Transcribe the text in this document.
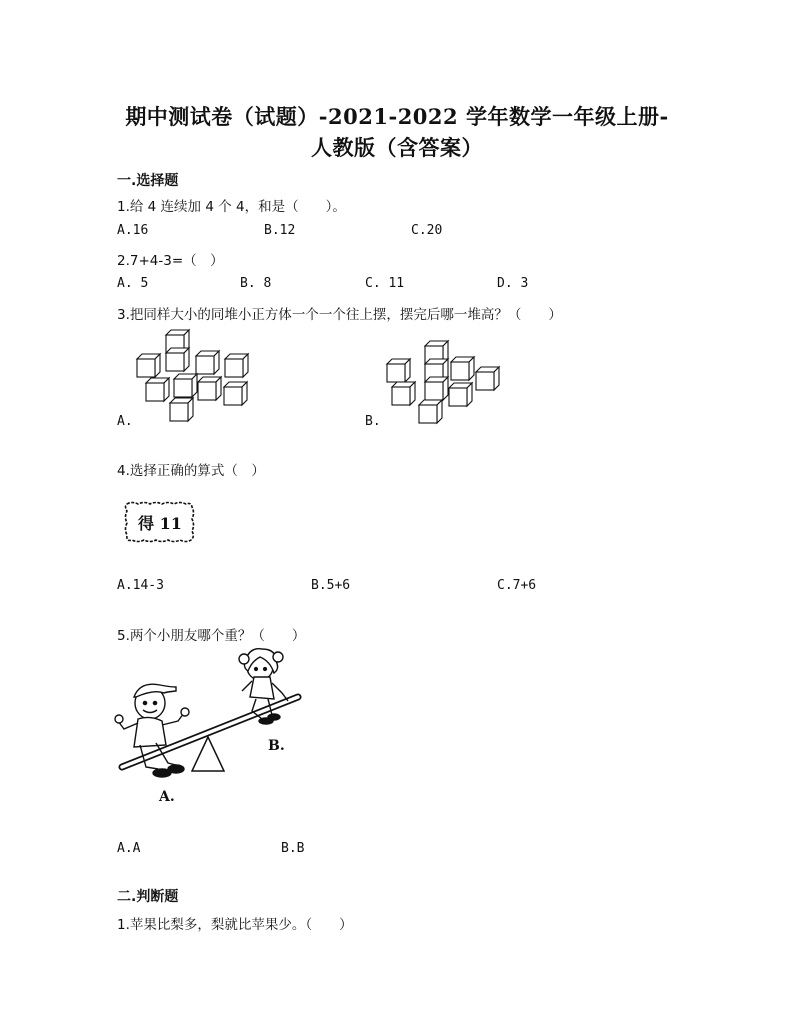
期中测试卷（试题）-2021-2022 学年数学一年级上册-
人教版（含答案）
一.选择题
1.给 4 连续加 4 个 4，和是（　　）。
A.16	B.12	C.20
2.7+4-3=（　）
A. 5	B. 8	C. 11	D. 3
3.把同样大小的同堆小正方体一个一个往上摆，摆完后哪一堆高？（　　）
A.	B.
4.选择正确的算式（　）
得 11
A.14-3	B.5+6	C.7+6
5.两个小朋友哪个重？（　　）
B.
A.
A.A	B.B
二.判断题
1.苹果比梨多，梨就比苹果少。（　　）
